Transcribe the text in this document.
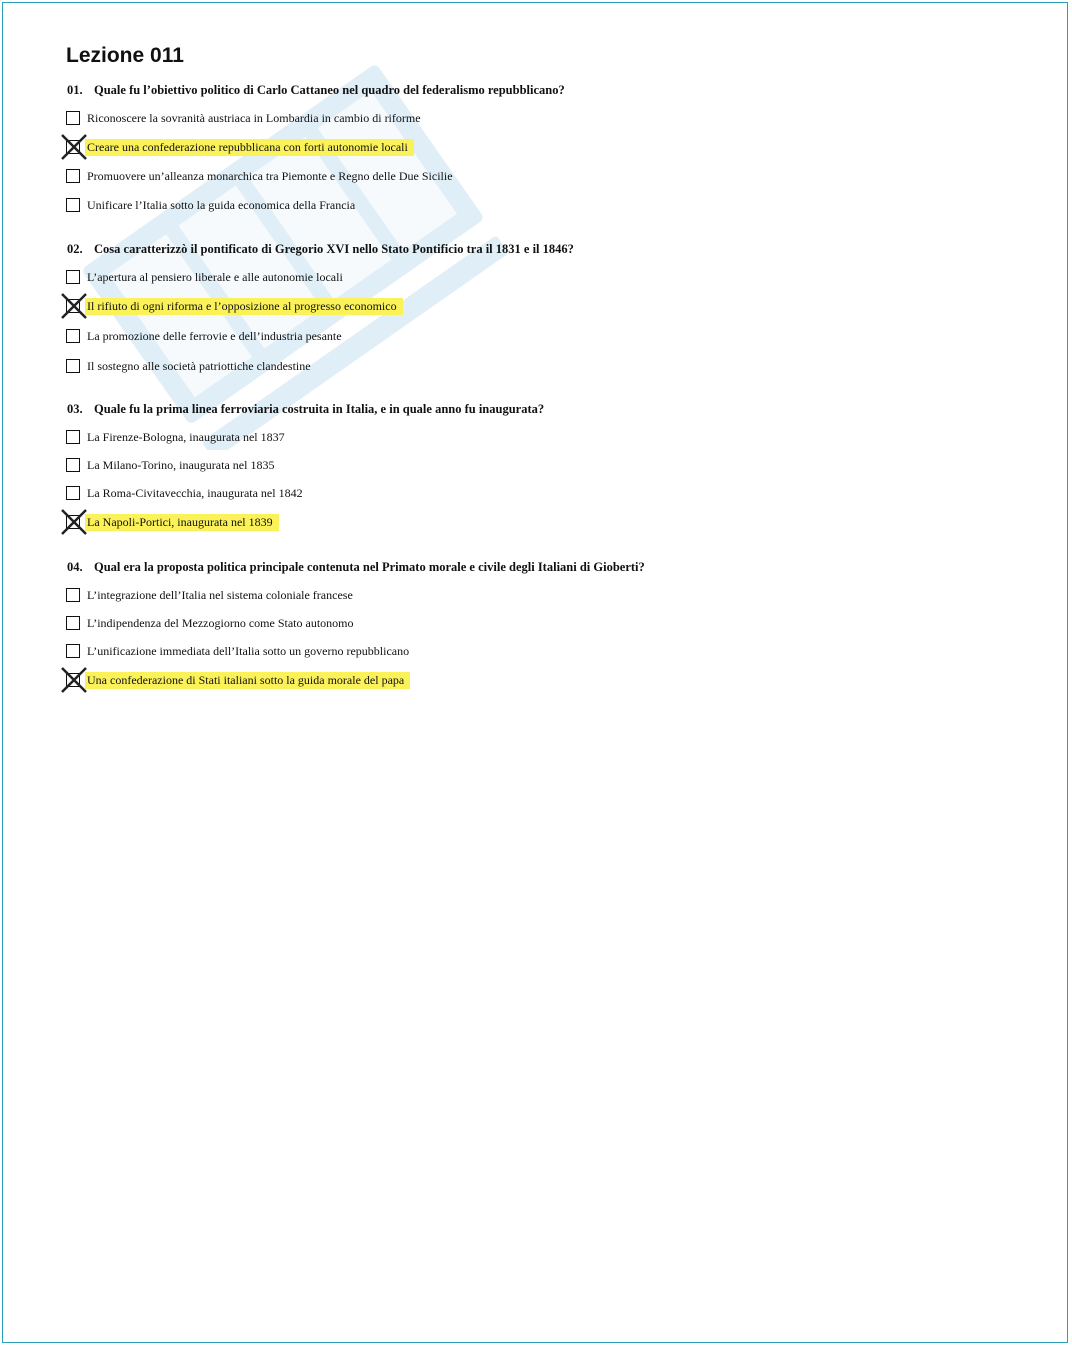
Lezione 011
01. Quale fu l’obiettivo politico di Carlo Cattaneo nel quadro del federalismo repubblicano?
Riconoscere la sovranità austriaca in Lombardia in cambio di riforme
Creare una confederazione repubblicana con forti autonomie locali
Promuovere un’alleanza monarchica tra Piemonte e Regno delle Due Sicilie
Unificare l’Italia sotto la guida economica della Francia
02. Cosa caratterizzò il pontificato di Gregorio XVI nello Stato Pontificio tra il 1831 e il 1846?
L’apertura al pensiero liberale e alle autonomie locali
Il rifiuto di ogni riforma e l’opposizione al progresso economico
La promozione delle ferrovie e dell’industria pesante
Il sostegno alle società patriottiche clandestine
03. Quale fu la prima linea ferroviaria costruita in Italia, e in quale anno fu inaugurata?
La Firenze-Bologna, inaugurata nel 1837
La Milano-Torino, inaugurata nel 1835
La Roma-Civitavecchia, inaugurata nel 1842
La Napoli-Portici, inaugurata nel 1839
04. Qual era la proposta politica principale contenuta nel Primato morale e civile degli Italiani di Gioberti?
L’integrazione dell’Italia nel sistema coloniale francese
L’indipendenza del Mezzogiorno come Stato autonomo
L’unificazione immediata dell’Italia sotto un governo repubblicano
Una confederazione di Stati italiani sotto la guida morale del papa
